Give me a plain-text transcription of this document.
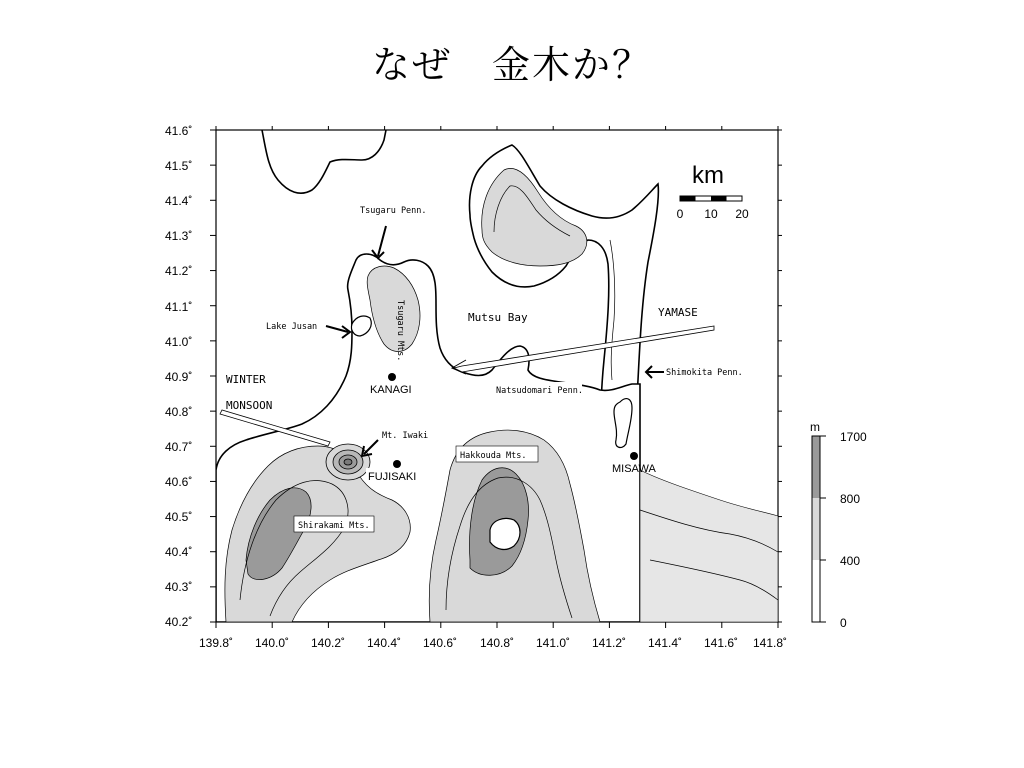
なぜ　金木か？
41.6˚
41.5˚
41.4˚
41.3˚
41.2˚
41.1˚
41.0˚
40.9˚
40.8˚
40.7˚
40.6˚
40.5˚
40.4˚
40.3˚
40.2˚
139.8˚ 140.0˚ 140.2˚ 140.4˚ 140.6˚ 140.8˚ 141.0˚ 141.2˚ 141.4˚ 141.6˚ 141.8˚
Tsugaru Penn.
Lake Jusan	Tsugaru Mts.	Mutsu Bay	YAMASE
WINTER
MONSOON
KANAGI	Natsudomari Penn.
Shimokita Penn.
Mt. Iwaki
FUJISAKI
Hakkouda Mts.
MISAWA
Shirakami Mts.
km
0 10 20
m
1700
800
400
0
